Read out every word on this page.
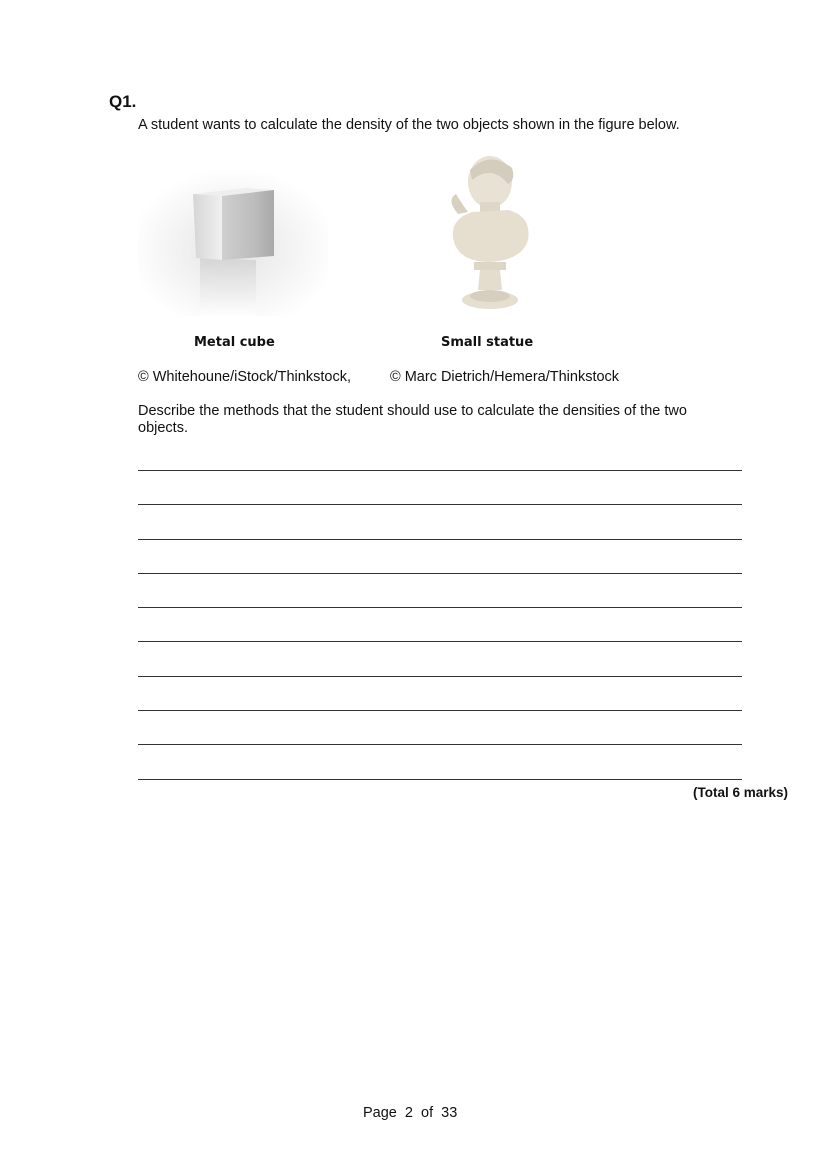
Q1.
A student wants to calculate the density of the two objects shown in the figure below.
Metal cube	Small statue
© Whitehoune/iStock/Thinkstock,	© Marc Dietrich/Hemera/Thinkstock
Describe the methods that the student should use to calculate the densities of the two objects.
(Total 6 marks)
Page 2 of 33
